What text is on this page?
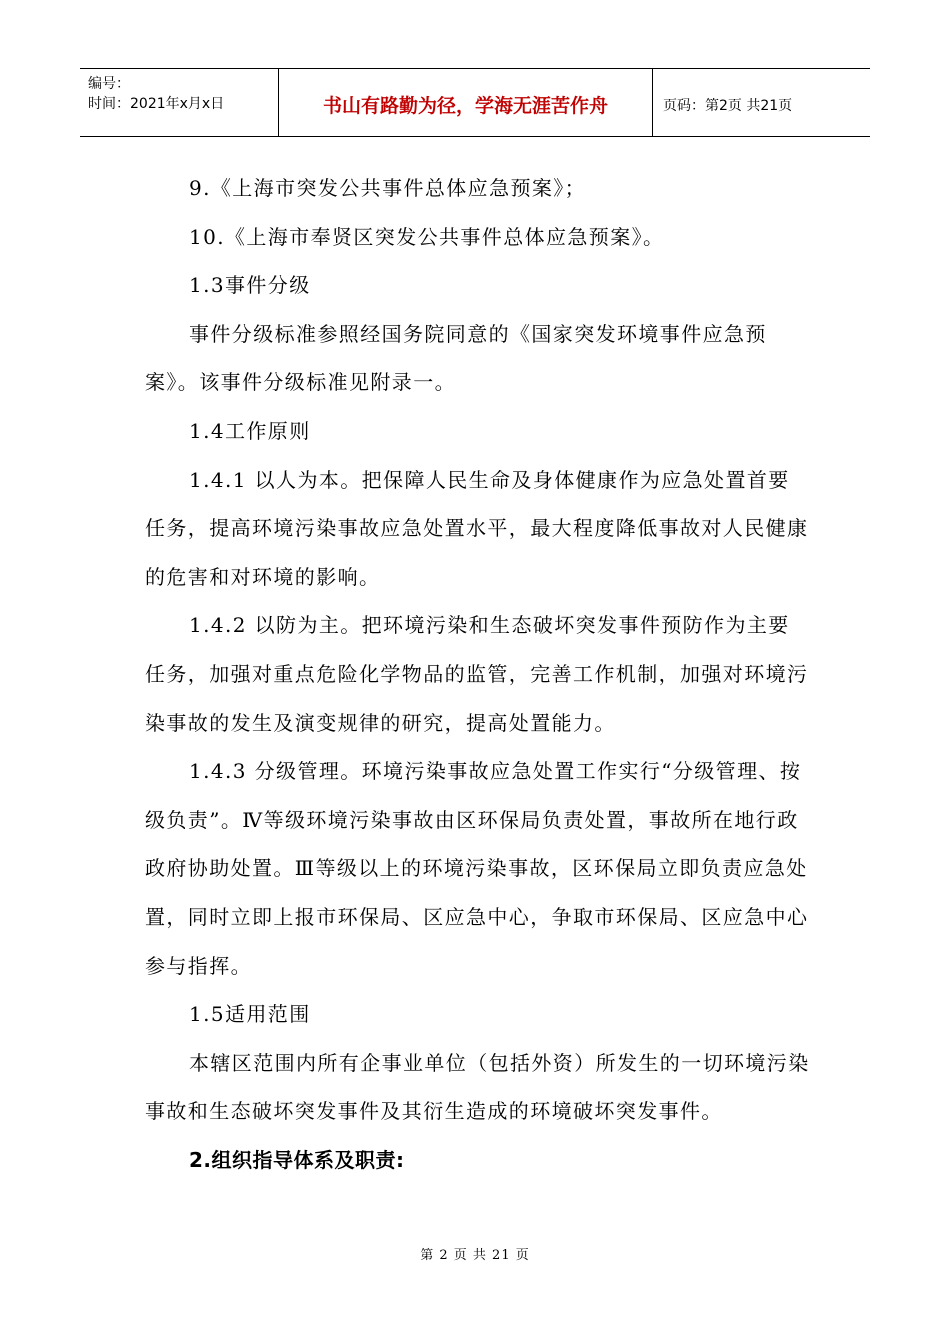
编号：
时间：2021年x月x日	书山有路勤为径，学海无涯苦作舟	页码：第2页 共21页

9.《上海市突发公共事件总体应急预案》；

10.《上海市奉贤区突发公共事件总体应急预案》。

1.3事件分级

事件分级标准参照经国务院同意的《国家突发环境事件应急预案》。该事件分级标准见附录一。

1.4工作原则

1.4.1 以人为本。把保障人民生命及身体健康作为应急处置首要任务，提高环境污染事故应急处置水平，最大程度降低事故对人民健康的危害和对环境的影响。

1.4.2 以防为主。把环境污染和生态破坏突发事件预防作为主要任务，加强对重点危险化学物品的监管，完善工作机制，加强对环境污染事故的发生及演变规律的研究，提高处置能力。

1.4.3 分级管理。环境污染事故应急处置工作实行“分级管理、按级负责”。Ⅳ等级环境污染事故由区环保局负责处置，事故所在地行政政府协助处置。Ⅲ等级以上的环境污染事故，区环保局立即负责应急处置，同时立即上报市环保局、区应急中心，争取市环保局、区应急中心参与指挥。

1.5适用范围

本辖区范围内所有企事业单位（包括外资）所发生的一切环境污染事故和生态破坏突发事件及其衍生造成的环境破坏突发事件。

2.组织指导体系及职责:

第 2 页 共 21 页
